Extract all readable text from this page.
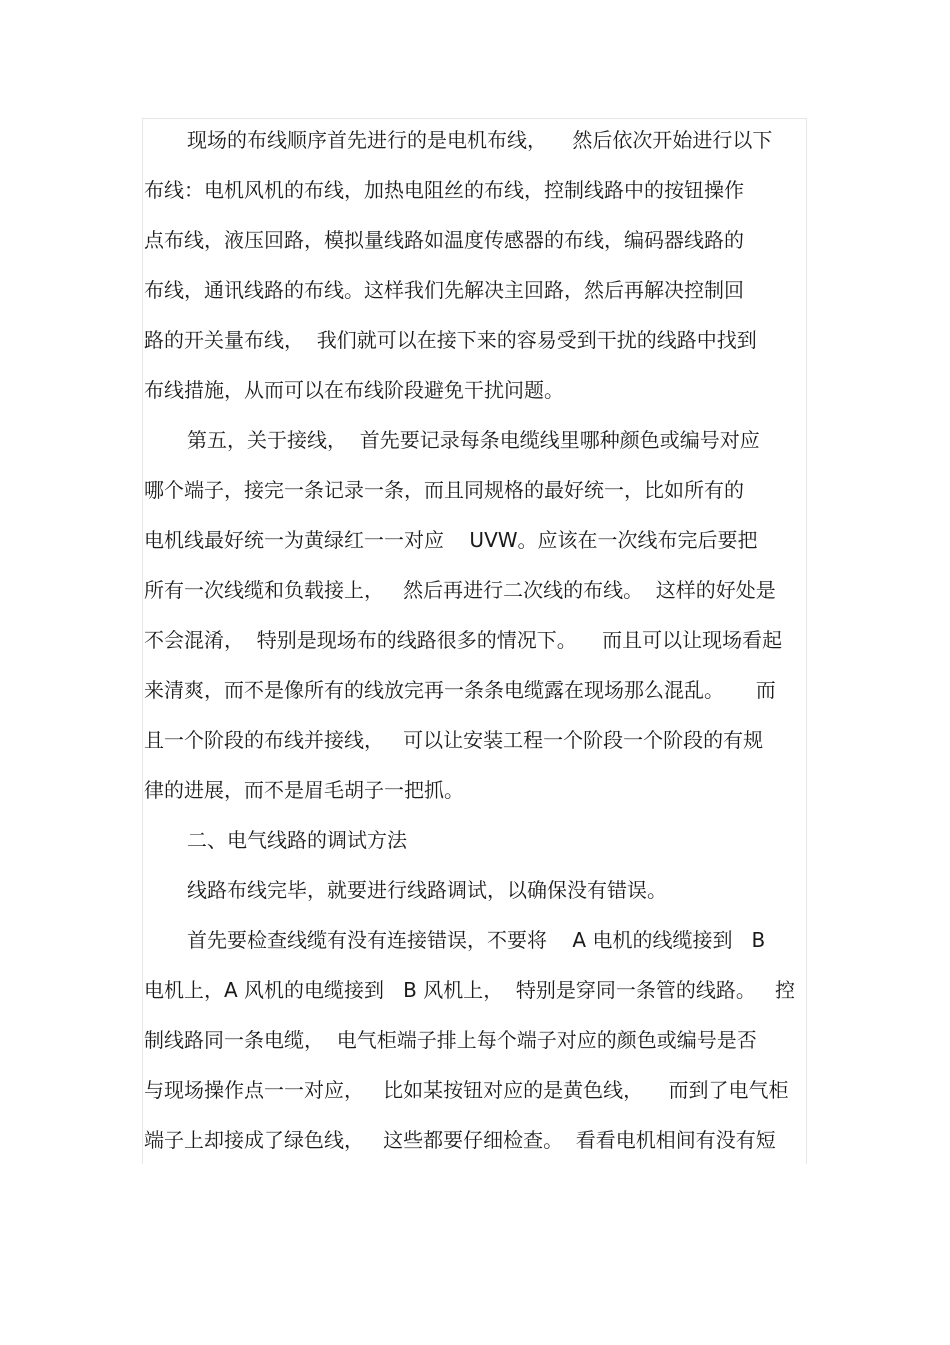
现场的布线顺序首先进行的是电机布线，    然后依次开始进行以下
布线：电机风机的布线，加热电阻丝的布线，控制线路中的按钮操作
点布线，液压回路，模拟量线路如温度传感器的布线，编码器线路的
布线，通讯线路的布线。这样我们先解决主回路，然后再解决控制回
路的开关量布线，  我们就可以在接下来的容易受到干扰的线路中找到
布线措施，从而可以在布线阶段避免干扰问题。
第五，关于接线，  首先要记录每条电缆线里哪种颜色或编号对应
哪个端子，接完一条记录一条，而且同规格的最好统一，比如所有的
电机线最好统一为黄绿红一一对应    UVW。应该在一次线布完后要把
所有一次线缆和负载接上，   然后再进行二次线的布线。  这样的好处是
不会混淆，  特别是现场布的线路很多的情况下。    而且可以让现场看起
来清爽，而不是像所有的线放完再一条条电缆露在现场那么混乱。     而
且一个阶段的布线并接线，   可以让安装工程一个阶段一个阶段的有规
律的进展，而不是眉毛胡子一把抓。
二、电气线路的调试方法
线路布线完毕，就要进行线路调试，以确保没有错误。
首先要检查线缆有没有连接错误，不要将    A 电机的线缆接到   B
电机上，A 风机的电缆接到   B 风机上，  特别是穿同一条管的线路。   控
制线路同一条电缆，  电气柜端子排上每个端子对应的颜色或编号是否
与现场操作点一一对应，   比如某按钮对应的是黄色线，    而到了电气柜
端子上却接成了绿色线，   这些都要仔细检查。  看看电机相间有没有短
